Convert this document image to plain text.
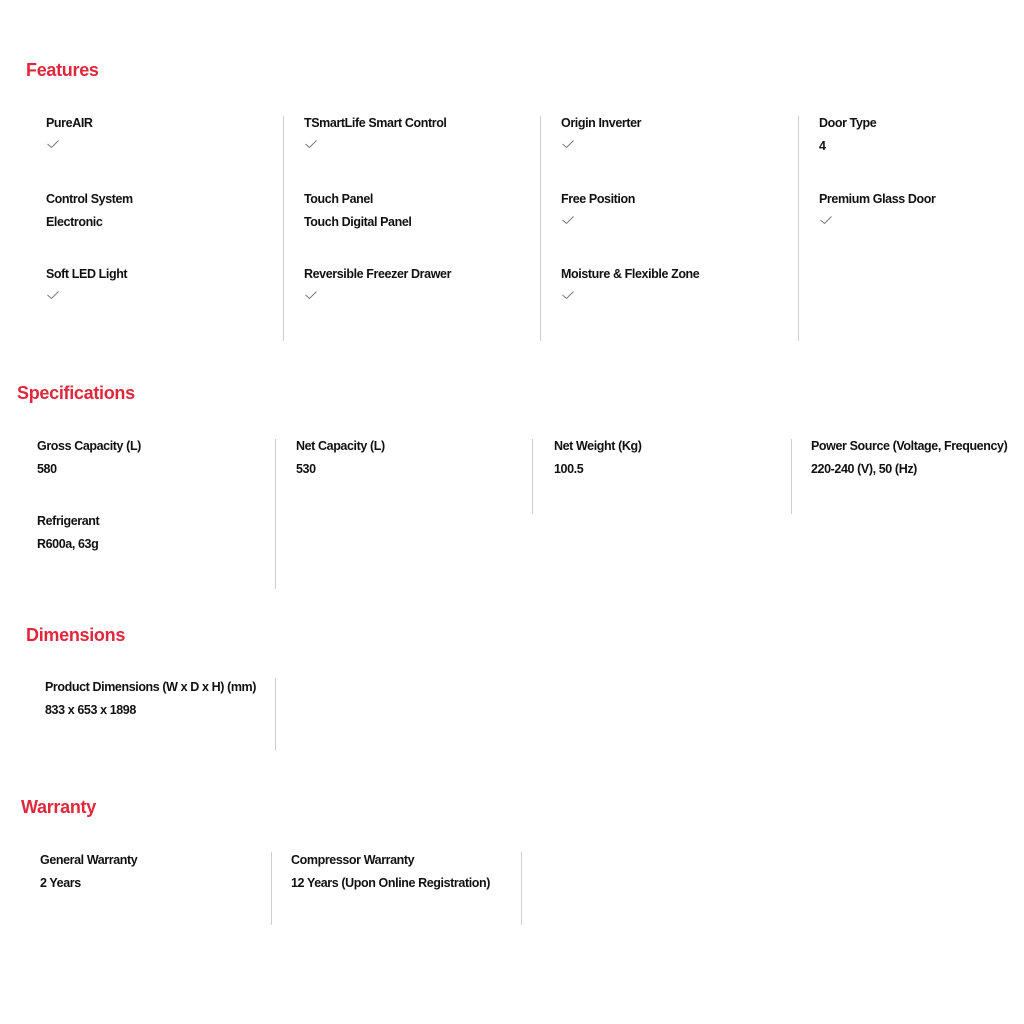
Features
PureAIR
Control System
Electronic
Soft LED Light
TSmartLife Smart Control
Touch Panel
Touch Digital Panel
Reversible Freezer Drawer
Origin Inverter
Free Position
Moisture & Flexible Zone
Door Type
4
Premium Glass Door
Specifications
Gross Capacity (L)
580
Refrigerant
R600a, 63g
Net Capacity (L)
530
Net Weight (Kg)
100.5
Power Source (Voltage, Frequency)
220-240 (V), 50 (Hz)
Dimensions
Product Dimensions (W x D x H) (mm)
833 x 653 x 1898
Warranty
General Warranty
2 Years
Compressor Warranty
12 Years (Upon Online Registration)
